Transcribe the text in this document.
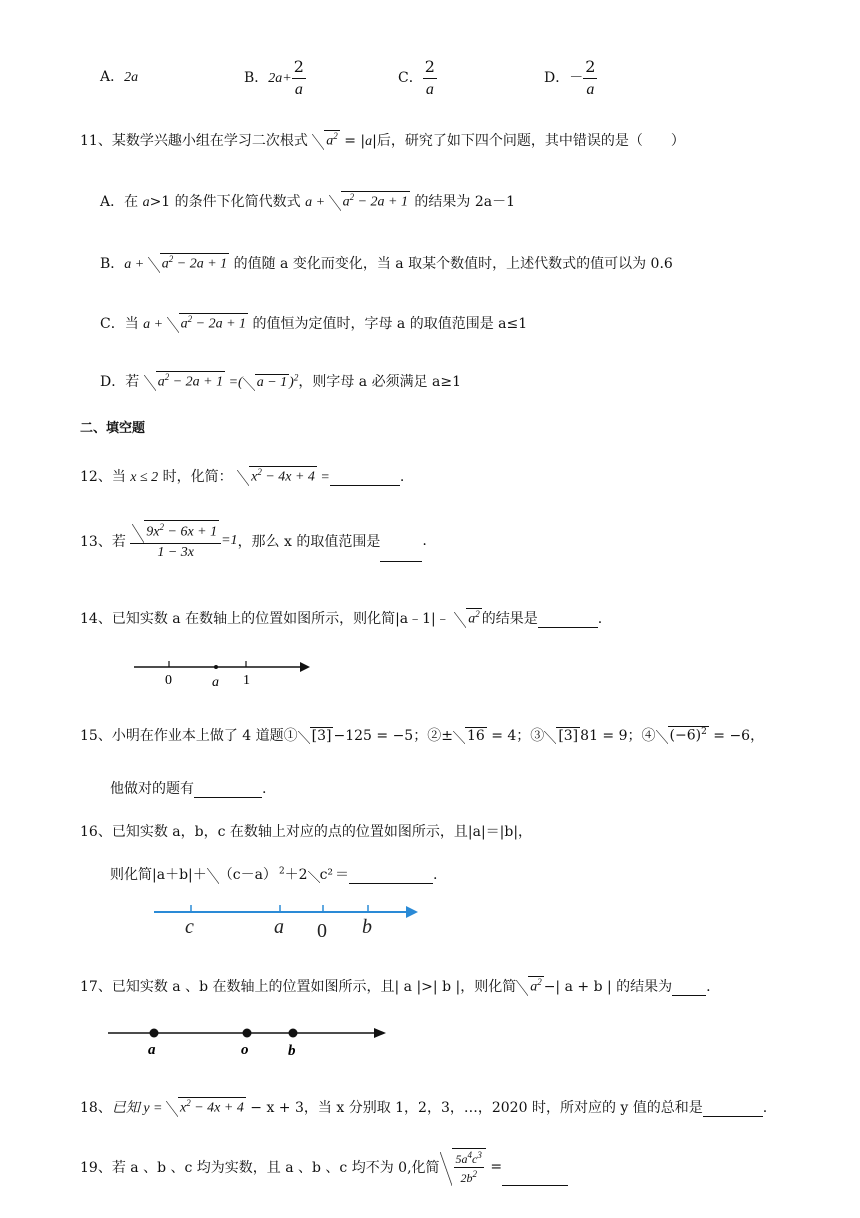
A．2a	B．$2a+ \frac{2}{a}$	C． $\frac{2}{a}$	D．－ $\frac{2}{a}$
11、某数学兴趣小组在学习二次根式 $a^2 = |a|$后，研究了如下四个问题，其中错误的是（　　）
A．在 a>1 的条件下化简代数式 $a + a^2 - 2a + 1$ 的结果为 2a－1
B．$a + a^2 - 2a + 1$ 的值随 a 变化而变化，当 a 取某个数值时，上述代数式的值可以为 0.6
C．当 $a + a^2 - 2a + 1$ 的值恒为定值时，字母 a 的取值范围是 a≤1
D．若 $a^2 - 2a + 1$ =( a − 1 )$^2$，则字母 a 必须满足 a≥1
二、填空题
12、当 x ≤ 2 时，化简： $x^2 - 4x + 4$ =	.
13、若 $\frac{9x^2 - 6x + 1}{1 - 3x} =1$，那么 x 的取值范围是	.
14、已知实数 a 在数轴上的位置如图所示，则化简|a﹣1|﹣ $a^2$ 的结果是	.
0	a 1
15、小明在作业本上做了 4 道题① [3] −125 = −5；②± 16 = 4；③ [3] 81 = 9；④ $(-6)^2 = -6$，
他做对的题有	.
16、已知实数 a，b，c 在数轴上对应的点的位置如图所示，且|a|＝|b|，
则化简|a＋b|＋ （c－a） $^2$＋2 c² ＝	.
c	a 0 b
17、已知实数 a 、b 在数轴上的位置如图所示，且| a |>| b |，则化简 $a^2$ −| a + b | 的结果为 .
a	o	b
18、已知 $y = x^2 - 4x + 4 - x + 3$，当 x 分别取 1，2，3，…，2020 时，所对应的 y 值的总和是	.
19、若 a 、b 、c 均为实数，且 a 、b 、c 均不为 0,化简 $\frac{5a^4c^3}{2b^2}$ =
